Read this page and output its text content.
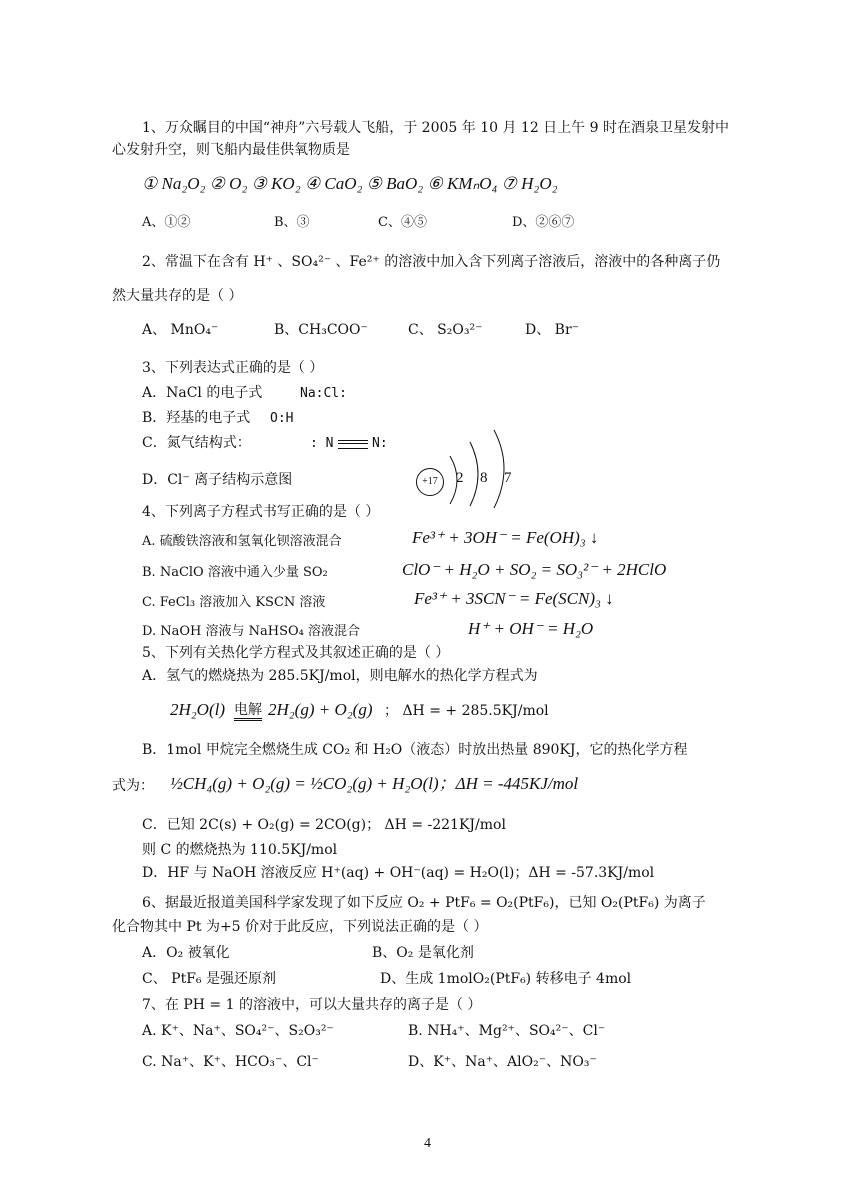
1、万众瞩目的中国“神舟”六号载人飞船，于 2005 年 10 月 12 日上午 9 时在酒泉卫星发射中
心发射升空，则飞船内最佳供氧物质是
① Na₂O₂ ② O₂ ③ KO₂ ④ CaO₂ ⑤ BaO₂ ⑥ KMₙO₄ ⑦ H₂O₂
A、①②	B、③	C、④⑤	D、②⑥⑦
2、常温下在含有 H⁺ 、SO₄²⁻ 、Fe²⁺ 的溶液中加入含下列离子溶液后，溶液中的各种离子仍
然大量共存的是（ ）
A、 MnO₄⁻	B、CH₃COO⁻	C、 S₂O₃²⁻	D、 Br⁻
3、下列表达式正确的是（ ）
A．NaCl 的电子式	Na:Cl:
B．羟基的电子式 O:H
C．氮气结构式：	: N	N:
D．Cl⁻ 离子结构示意图	+17	2 8 7
4、下列离子方程式书写正确的是（ ）
A. 硫酸铁溶液和氢氧化钡溶液混合	Fe³⁺ + 3OH⁻ = Fe(OH)₃ ↓
B. NaClO 溶液中通入少量 SO₂	ClO⁻ + H₂O + SO₂ = SO₃²⁻ + 2HClO
C. FeCl₃ 溶液加入 KSCN 溶液	Fe³⁺ + 3SCN⁻ = Fe(SCN)₃ ↓
D. NaOH 溶液与 NaHSO₄ 溶液混合	H⁺ + OH⁻ = H₂O
5、下列有关热化学方程式及其叙述正确的是（ ）
A．氢气的燃烧热为 285.5KJ/mol，则电解水的热化学方程式为
2H₂O(l) 电解 2H₂(g) + O₂(g) ； ΔH = + 285.5KJ/mol
B．1mol 甲烷完全燃烧生成 CO₂ 和 H₂O（液态）时放出热量 890KJ，它的热化学方程
式为： ½CH₄(g) + O₂(g) = ½CO₂(g) + H₂O(l)；ΔH = -445KJ/mol
C．已知 2C(s) + O₂(g) = 2CO(g)； ΔH = -221KJ/mol
则 C 的燃烧热为 110.5KJ/mol
D．HF 与 NaOH 溶液反应 H⁺(aq) + OH⁻(aq) = H₂O(l)；ΔH = -57.3KJ/mol
6、据最近报道美国科学家发现了如下反应 O₂ + PtF₆ = O₂(PtF₆)，已知 O₂(PtF₆) 为离子
化合物其中 Pt 为+5 价对于此反应，下列说法正确的是（ ）
A．O₂ 被氧化	B、O₂ 是氧化剂
C、 PtF₆ 是强还原剂	D、生成 1molO₂(PtF₆) 转移电子 4mol
7、在 PH = 1 的溶液中，可以大量共存的离子是（ ）
A. K⁺、Na⁺、SO₄²⁻、S₂O₃²⁻	B. NH₄⁺、Mg²⁺、SO₄²⁻、Cl⁻
C. Na⁺、K⁺、HCO₃⁻、Cl⁻	D、K⁺、Na⁺、AlO₂⁻、NO₃⁻
4
